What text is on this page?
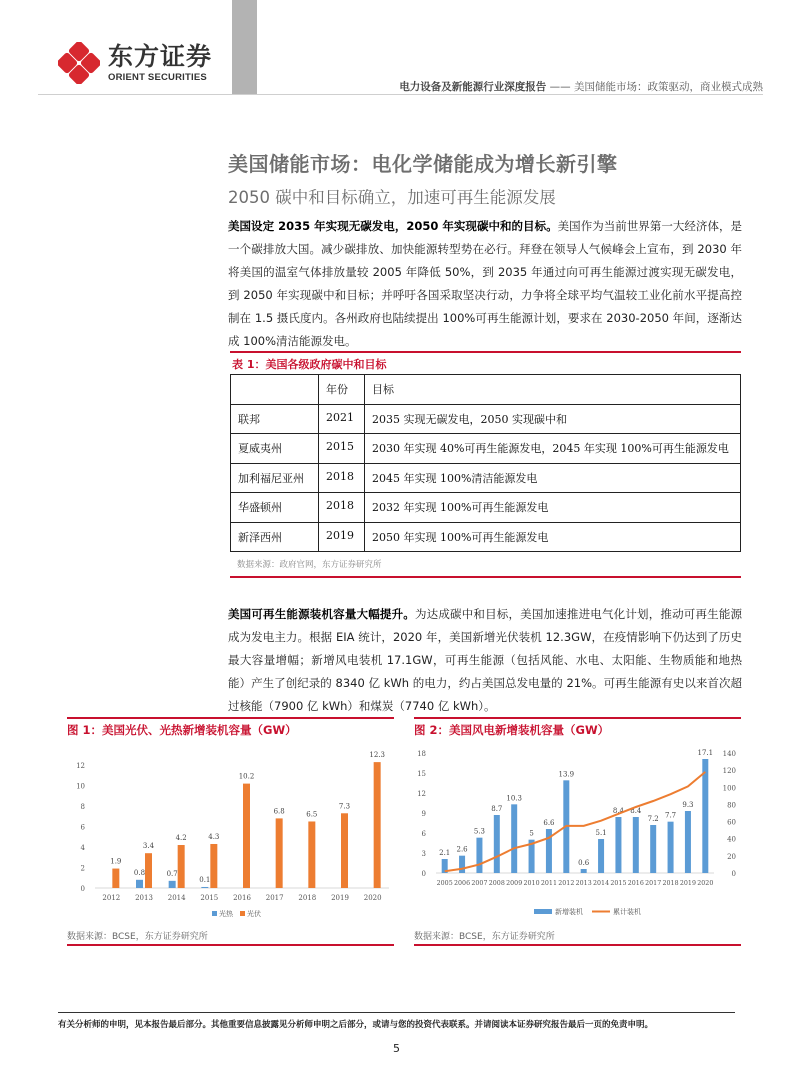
东方证券
ORIENT SECURITIES
电力设备及新能源行业深度报告 —— 美国储能市场：政策驱动，商业模式成熟
美国储能市场：电化学储能成为增长新引擎
2050 碳中和目标确立，加速可再生能源发展
美国设定 2035 年实现无碳发电，2050 年实现碳中和的目标。美国作为当前世界第一大经济体，是一个碳排放大国。减少碳排放、加快能源转型势在必行。拜登在领导人气候峰会上宣布，到 2030 年将美国的温室气体排放量较 2005 年降低 50%，到 2035 年通过向可再生能源过渡实现无碳发电，到 2050 年实现碳中和目标；并呼吁各国采取坚决行动，力争将全球平均气温较工业化前水平提高控制在 1.5 摄氏度内。各州政府也陆续提出 100%可再生能源计划，要求在 2030-2050 年间，逐渐达成 100%清洁能源发电。
表 1：美国各级政府碳中和目标
	年份	目标
联邦	2021	2035 实现无碳发电，2050 实现碳中和
夏威夷州	2015	2030 年实现 40%可再生能源发电，2045 年实现 100%可再生能源发电
加利福尼亚州	2018	2045 年实现 100%清洁能源发电
华盛顿州	2018	2032 年实现 100%可再生能源发电
新泽西州	2019	2050 年实现 100%可再生能源发电
数据来源：政府官网，东方证券研究所
美国可再生能源装机容量大幅提升。为达成碳中和目标，美国加速推进电气化计划，推动可再生能源成为发电主力。根据 EIA 统计，2020 年，美国新增光伏装机 12.3GW，在疫情影响下仍达到了历史最大容量增幅；新增风电装机 17.1GW，可再生能源（包括风能、水电、太阳能、生物质能和地热能）产生了创纪录的 8340 亿 kWh 的电力，约占美国总发电量的 21%。可再生能源有史以来首次超过核能（7900 亿 kWh）和煤炭（7740 亿 kWh）。
图 1：美国光伏、光热新增装机容量（GW）
0
2
4
6
8
10
12
1.9
2012
0.8
3.4
2013
0.7
4.2
2014
0.1
4.3
2015
10.2
2016
6.8
2017
6.5
2018
7.3
2019
12.3
2020
光热 光伏
数据来源：BCSE，东方证券研究所
图 2：美国风电新增装机容量（GW）
0
3
6
9
12
15
18
0
20
40
60
80
100
120
140
2.1
2005
2.6
2006
5.3
2007
8.7
2008
10.3
2009
5
2010
6.6
2011
13.9
2012
0.6
2013
5.1
2014
8.4
2015
8.4
2016
7.2
2017
7.7
2018
9.3
2019
17.1
2020
新增装机	累计装机
数据来源：BCSE，东方证券研究所
有关分析师的申明，见本报告最后部分。其他重要信息披露见分析师申明之后部分，或请与您的投资代表联系。并请阅读本证券研究报告最后一页的免责申明。
5
